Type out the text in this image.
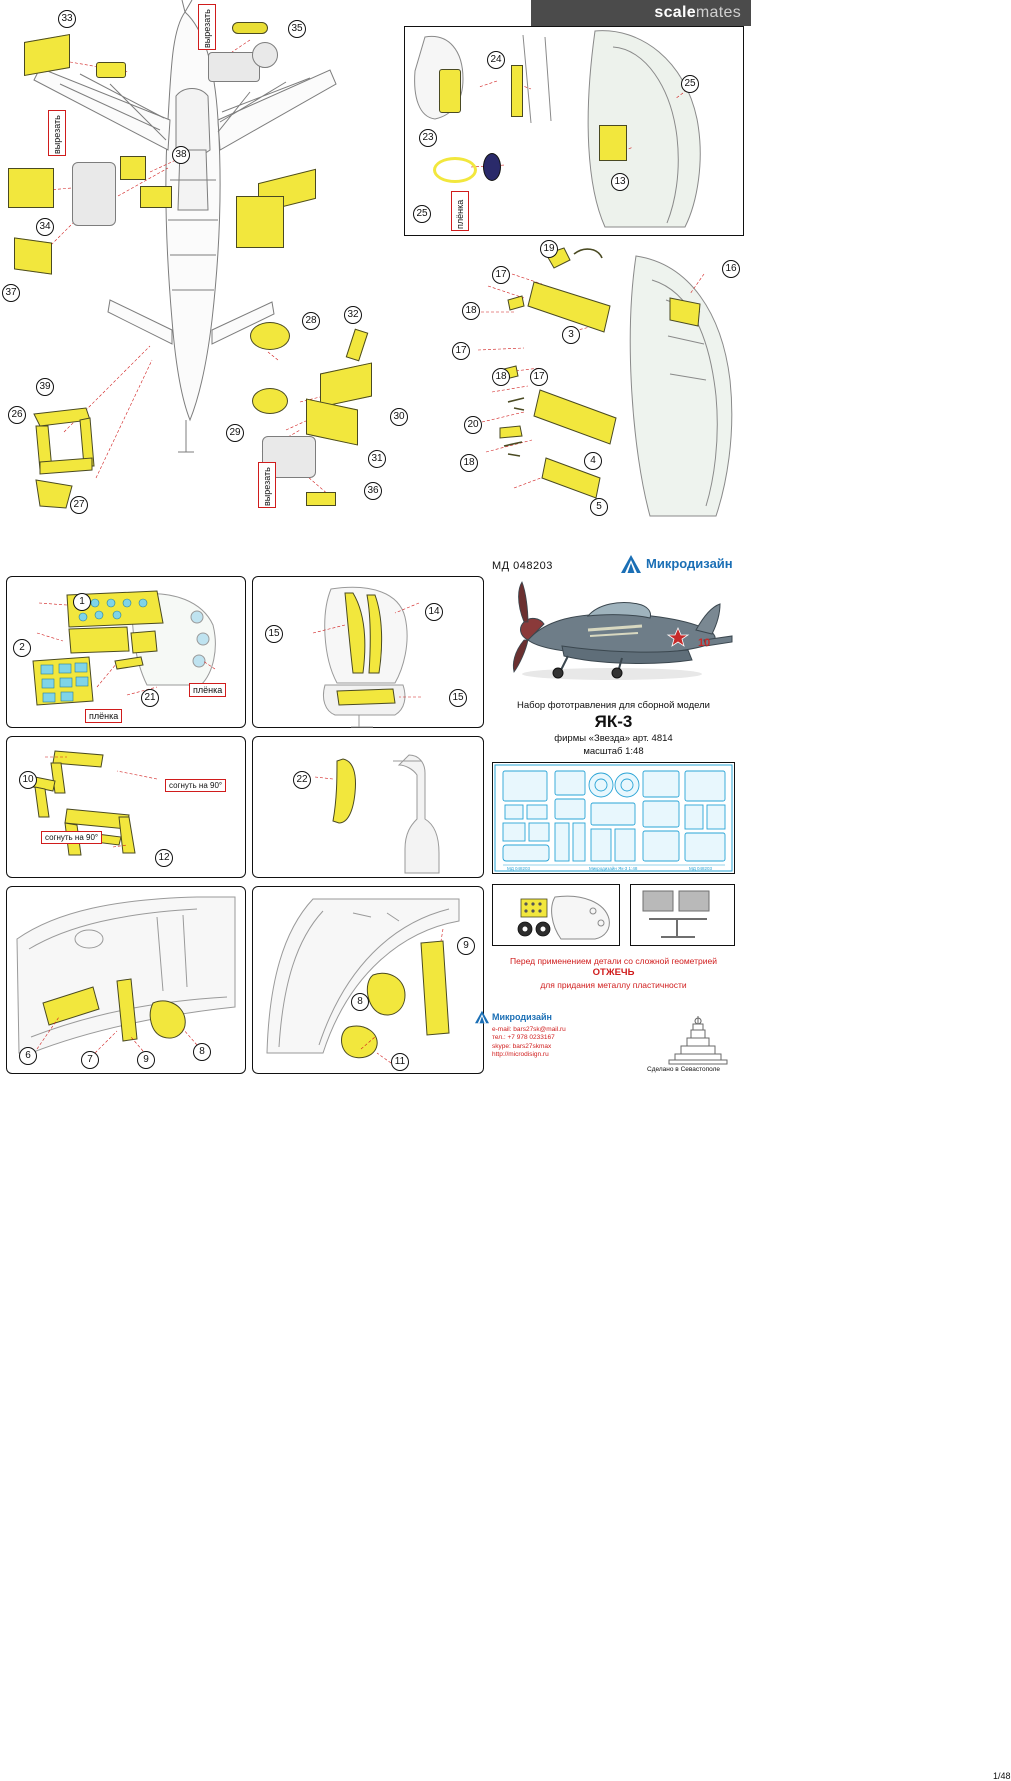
scale mates
33
35
38
34
37
39
26
27
28
29
30
31
32
36
вырезать
вырезать
вырезать
24
23
25
25
13
плёнка
19
17
18
17
16
3
18	17
20
18	4
5
1
2
21
плёнка
плёнка
14
15
15
10
12
согнуть на 90°
согнуть на 90°
22
6	7	9
8
9
8
11
МД 048203	Микродизайн
10
Набор фототравления для сборной модели
ЯК-3
фирмы «Звезда» арт. 4814
масштаб 1:48
МД 048203	Микродизайн Як-3 1:48	МД 048203
1/48
Перед применением детали со сложной геометрией
ОТЖЕЧЬ
для придания металлу пластичности
Микродизайн
e-mail: bars27sk@mail.ru
тел.: +7 978 0233167
skype: bars27skmax
http://microdisign.ru
Сделано в Севастополе
